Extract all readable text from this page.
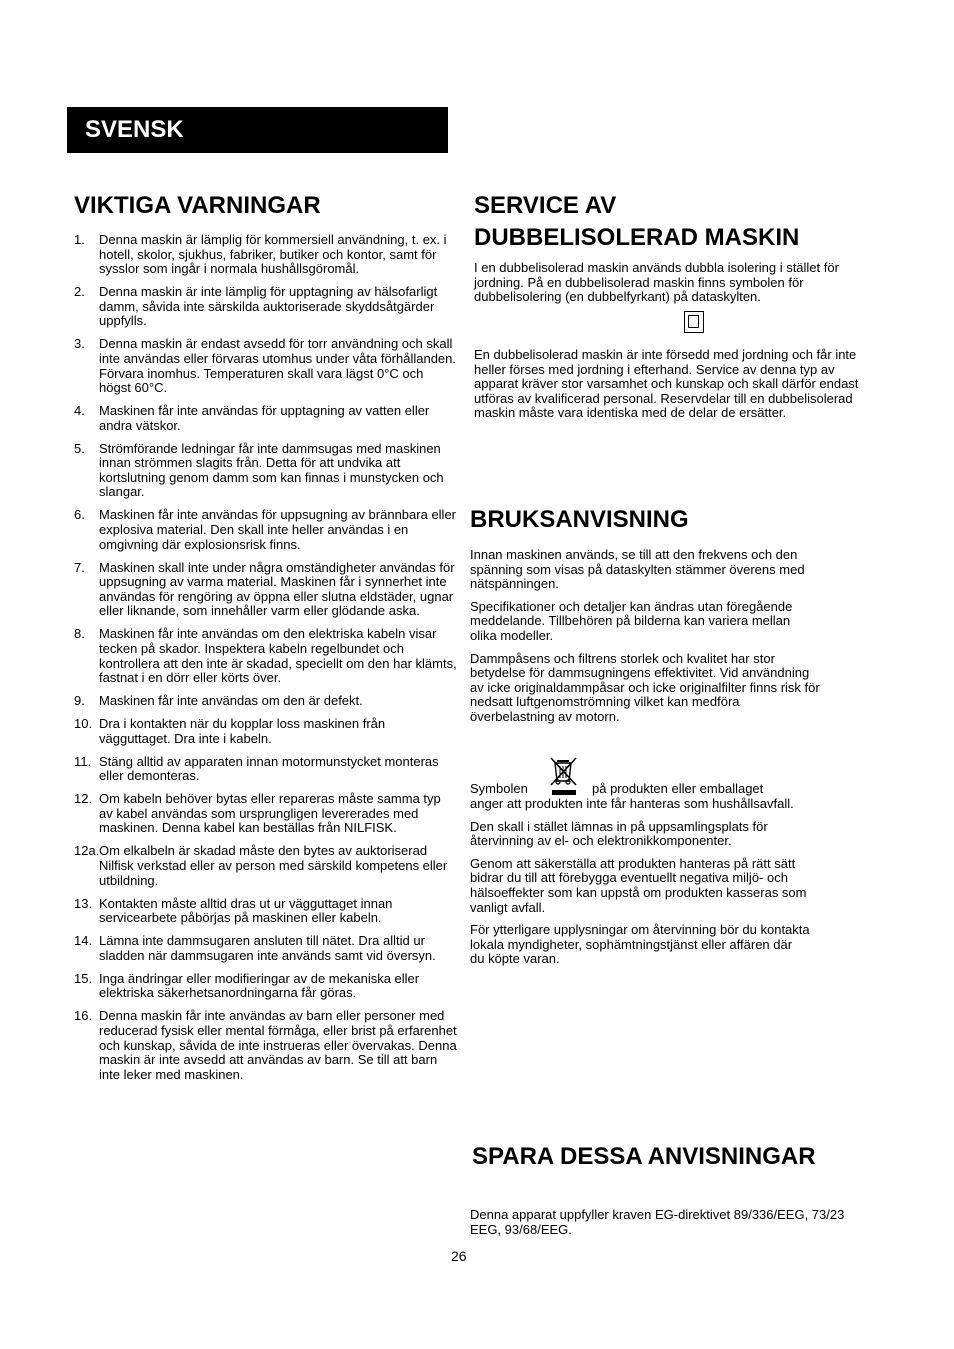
SVENSK
VIKTIGA VARNINGAR
1. Denna maskin är lämplig för kommersiell användning, t. ex. i hotell, skolor, sjukhus, fabriker, butiker och kontor, samt för sysslor som ingår i normala hushållsgöromål.
2. Denna maskin är inte lämplig för upptagning av hälsofarligt damm, såvida inte särskilda auktoriserade skyddsåtgärder uppfylls.
3. Denna maskin är endast avsedd för torr användning och skall inte användas eller förvaras utomhus under våta förhållanden. Förvara inomhus. Temperaturen skall vara lägst 0°C och högst 60°C.
4. Maskinen får inte användas för upptagning av vatten eller andra vätskor.
5. Strömförande ledningar får inte dammsugas med maskinen innan strömmen slagits från. Detta för att undvika att kortslutning genom damm som kan finnas i munstycken och slangar.
6. Maskinen får inte användas för uppsugning av brännbara eller explosiva material. Den skall inte heller användas i en omgivning där explosionsrisk finns.
7. Maskinen skall inte under några omständigheter användas för uppsugning av varma material. Maskinen får i synnerhet inte användas för rengöring av öppna eller slutna eldstäder, ugnar eller liknande, som innehåller varm eller glödande aska.
8. Maskinen får inte användas om den elektriska kabeln visar tecken på skador. Inspektera kabeln regelbundet och kontrollera att den inte är skadad, speciellt om den har klämts, fastnat i en dörr eller körts över.
9. Maskinen får inte användas om den är defekt.
10. Dra i kontakten när du kopplar loss maskinen från vägguttaget. Dra inte i kabeln.
11. Stäng alltid av apparaten innan motormunstycket monteras eller demonteras.
12. Om kabeln behöver bytas eller repareras måste samma typ av kabel användas som ursprungligen levererades med maskinen. Denna kabel kan beställas från NILFISK.
12a. Om elkalbeln är skadad måste den bytes av auktoriserad Nilfisk verkstad eller av person med särskild kompetens eller utbildning.
13. Kontakten måste alltid dras ut ur vägguttaget innan servicearbete påbörjas på maskinen eller kabeln.
14. Lämna inte dammsugaren ansluten till nätet. Dra alltid ur sladden när dammsugaren inte används samt vid översyn.
15. Inga ändringar eller modifieringar av de mekaniska eller elektriska säkerhetsanordningarna får göras.
16. Denna maskin får inte användas av barn eller personer med reducerad fysisk eller mental förmåga, eller brist på erfarenhet och kunskap, såvida de inte instrueras eller övervakas. Denna maskin är inte avsedd att användas av barn. Se till att barn inte leker med maskinen.
SERVICE AV
DUBBELISOLERAD MASKIN

I en dubbelisolerad maskin används dubbla isolering i stället för jordning. På en dubbelisolerad maskin finns symbolen för dubbelisolering (en dubbelfyrkant) på dataskylten.

En dubbelisolerad maskin är inte försedd med jordning och får inte heller förses med jordning i efterhand. Service av denna typ av apparat kräver stor varsamhet och kunskap och skall därför endast utföras av kvalificerad personal. Reservdelar till en dubbelisolerad maskin måste vara identiska med de delar de ersätter.

BRUKSANVISNING

Innan maskinen används, se till att den frekvens och den spänning som visas på dataskylten stämmer överens med nätspänningen.

Specifikationer och detaljer kan ändras utan föregående meddelande. Tillbehören på bilderna kan variera mellan olika modeller.

Dammpåsens och filtrens storlek och kvalitet har stor betydelse för dammsugningens effektivitet. Vid användning av icke originaldammpåsar och icke originalfilter finns risk för nedsatt luftgenomströmning vilket kan medföra överbelastning av motorn.

Symbolen	på produkten eller emballaget

anger att produkten inte får hanteras som hushållsavfall.

Den skall i stället lämnas in på uppsamlingsplats för återvinning av el- och elektronikkomponenter.

Genom att säkerställa att produkten hanteras på rätt sätt bidrar du till att förebygga eventuellt negativa miljö- och hälsoeffekter som kan uppstå om produkten kasseras som vanligt avfall.

För ytterligare upplysningar om återvinning bör du kontakta lokala myndigheter, sophämtningstjänst eller affären där du köpte varan.

SPARA DESSA ANVISNINGAR

Denna apparat uppfyller kraven EG-direktivet 89/336/EEG, 73/23 EEG, 93/68/EEG.

26
